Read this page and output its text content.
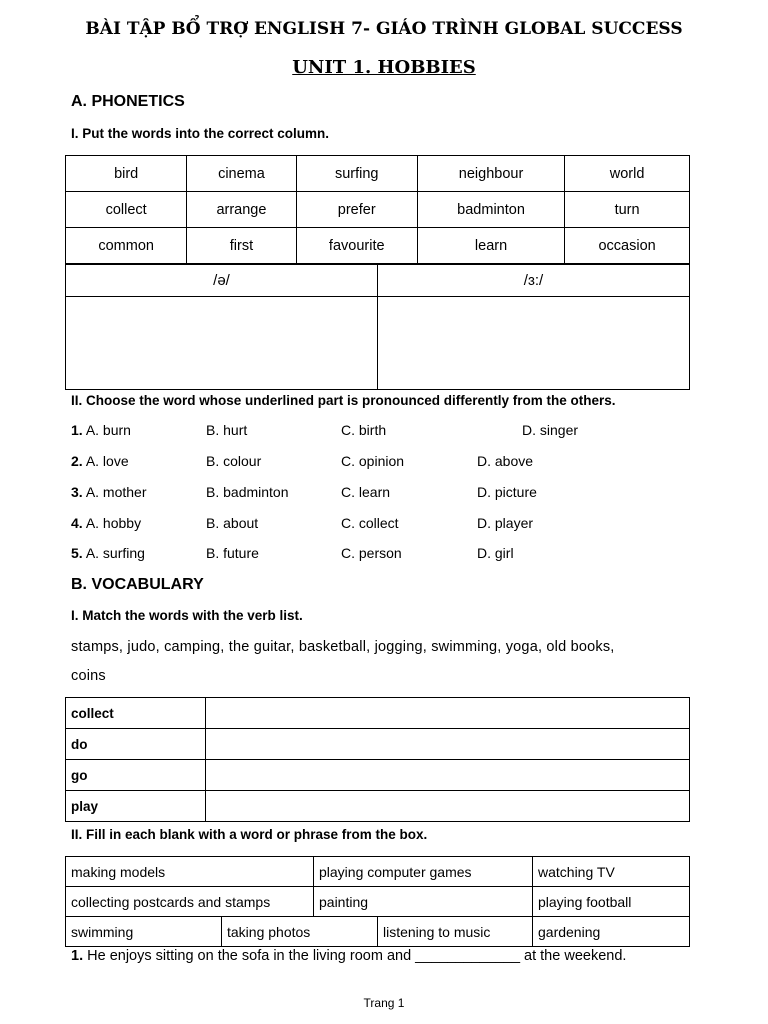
BÀI TẬP BỔ TRỢ ENGLISH 7- GIÁO TRÌNH GLOBAL SUCCESS
UNIT 1. HOBBIES
A. PHONETICS
I. Put the words into the correct column.
bird	cinema	surfing	neighbour	world
collect	arrange	prefer	badminton	turn
common	first	favourite	learn	occasion
/ə/	/ɜ:/

II. Choose the word whose underlined part is pronounced differently from the others.
1. A. burn	B. hurt	C. birth	D. singer
2. A. love	B. colour	C. opinion	D. above
3. A. mother	B. badminton	C. learn	D. picture
4. A. hobby	B. about	C. collect	D. player
5. A. surfing	B. future	C. person	D. girl
B. VOCABULARY
I. Match the words with the verb list.
stamps, judo, camping, the guitar, basketball, jogging, swimming, yoga, old books,
coins
collect	
do	
go	
play	
II. Fill in each blank with a word or phrase from the box.
making models	playing computer games	watching TV
collecting postcards and stamps	painting	playing football
swimming	taking photos	listening to music	gardening
1. He enjoys sitting on the sofa in the living room and _____________ at the weekend.
Trang 1
